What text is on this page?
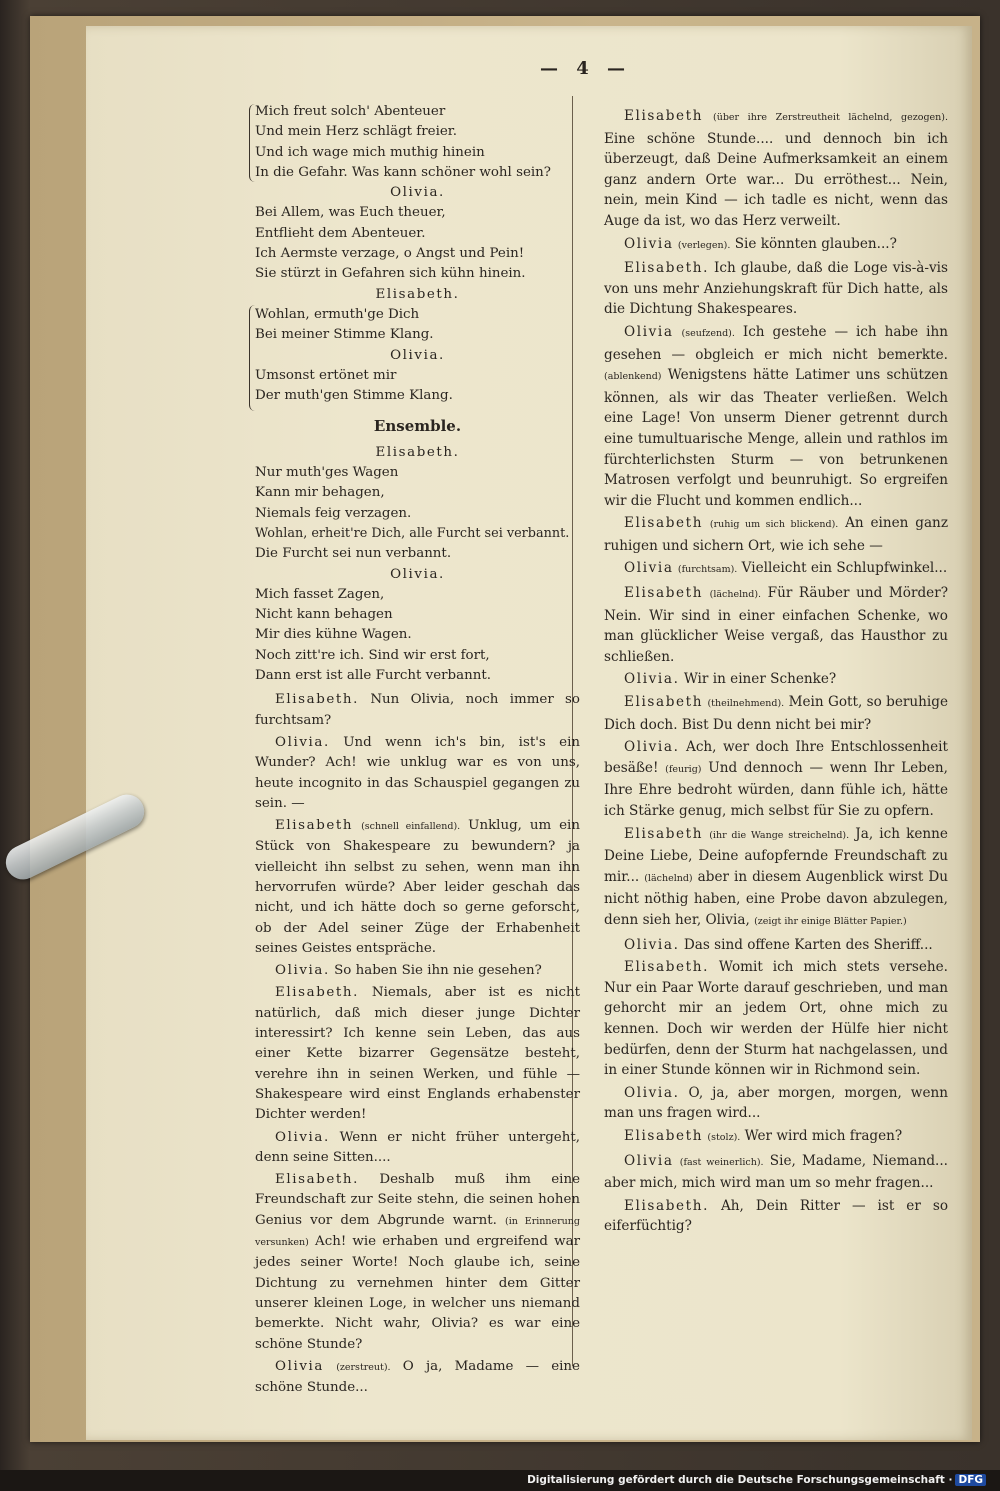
— 4 —
Mich freut solch' Abenteuer
Und mein Herz schlägt freier.
Und ich wage mich muthig hinein
In die Gefahr. Was kann schöner wohl sein?
Olivia.
Bei Allem, was Euch theuer,
Entflieht dem Abenteuer.
Ich Aermste verzage, o Angst und Pein!
Sie stürzt in Gefahren sich kühn hinein.
Elisabeth.
Wohlan, ermuth'ge Dich
Bei meiner Stimme Klang.
Olivia.
Umsonst ertönet mir
Der muth'gen Stimme Klang.
Ensemble.
Elisabeth.
Nur muth'ges Wagen
Kann mir behagen,
Niemals feig verzagen.
Wohlan, erheit're Dich, alle Furcht sei verbannt.
Die Furcht sei nun verbannt.
Olivia.
Mich fasset Zagen,
Nicht kann behagen
Mir dies kühne Wagen.
Noch zitt're ich. Sind wir erst fort,
Dann erst ist alle Furcht verbannt.

Elisabeth. Nun Olivia, noch immer so furchtsam?

Olivia. Und wenn ich's bin, ist's ein Wunder? Ach! wie unklug war es von uns, heute incognito in das Schauspiel gegangen zu sein. —

Elisabeth (schnell einfallend). Unklug, um ein Stück von Shakespeare zu bewundern? ja vielleicht ihn selbst zu sehen, wenn man ihn hervorrufen würde? Aber leider geschah das nicht, und ich hätte doch so gerne geforscht, ob der Adel seiner Züge der Erhabenheit seines Geistes entspräche.

Olivia. So haben Sie ihn nie gesehen?

Elisabeth. Niemals, aber ist es nicht natürlich, daß mich dieser junge Dichter interessirt? Ich kenne sein Leben, das aus einer Kette bizarrer Gegensätze besteht, verehre ihn in seinen Werken, und fühle — Shakespeare wird einst Englands erhabenster Dichter werden!

Olivia. Wenn er nicht früher untergeht, denn seine Sitten....

Elisabeth. Deshalb muß ihm eine Freundschaft zur Seite stehn, die seinen hohen Genius vor dem Abgrunde warnt. (in Erinnerung versunken) Ach! wie erhaben und ergreifend war jedes seiner Worte! Noch glaube ich, seine Dichtung zu vernehmen hinter dem Gitter unserer kleinen Loge, in welcher uns niemand bemerkte. Nicht wahr, Olivia? es war eine schöne Stunde?

Olivia (zerstreut). O ja, Madame — eine schöne Stunde...

Elisabeth (über ihre Zerstreutheit lächelnd, gezogen). Eine schöne Stunde.... und dennoch bin ich überzeugt, daß Deine Aufmerksamkeit an einem ganz andern Orte war... Du erröthest... Nein, nein, mein Kind — ich tadle es nicht, wenn das Auge da ist, wo das Herz verweilt.

Olivia (verlegen). Sie könnten glauben...?

Elisabeth. Ich glaube, daß die Loge vis-à-vis von uns mehr Anziehungskraft für Dich hatte, als die Dichtung Shakespeares.

Olivia (seufzend). Ich gestehe — ich habe ihn gesehen — obgleich er mich nicht bemerkte. (ablenkend) Wenigstens hätte Latimer uns schützen können, als wir das Theater verließen. Welch eine Lage! Von unserm Diener getrennt durch eine tumultuarische Menge, allein und rathlos im fürchterlichsten Sturm — von betrunkenen Matrosen verfolgt und beunruhigt. So ergreifen wir die Flucht und kommen endlich...

Elisabeth (ruhig um sich blickend). An einen ganz ruhigen und sichern Ort, wie ich sehe —

Olivia (furchtsam). Vielleicht ein Schlupfwinkel...

Elisabeth (lächelnd). Für Räuber und Mörder? Nein. Wir sind in einer einfachen Schenke, wo man glücklicher Weise vergaß, das Hausthor zu schließen.

Olivia. Wir in einer Schenke?

Elisabeth (theilnehmend). Mein Gott, so beruhige Dich doch. Bist Du denn nicht bei mir?

Olivia. Ach, wer doch Ihre Entschlossenheit besäße! (feurig) Und dennoch — wenn Ihr Leben, Ihre Ehre bedroht würden, dann fühle ich, hätte ich Stärke genug, mich selbst für Sie zu opfern.

Elisabeth (ihr die Wange streichelnd). Ja, ich kenne Deine Liebe, Deine aufopfernde Freundschaft zu mir... (lächelnd) aber in diesem Augenblick wirst Du nicht nöthig haben, eine Probe davon abzulegen, denn sieh her, Olivia, (zeigt ihr einige Blätter Papier.)

Olivia. Das sind offene Karten des Sheriff...

Elisabeth. Womit ich mich stets versehe. Nur ein Paar Worte darauf geschrieben, und man gehorcht mir an jedem Ort, ohne mich zu kennen. Doch wir werden der Hülfe hier nicht bedürfen, denn der Sturm hat nachgelassen, und in einer Stunde können wir in Richmond sein.

Olivia. O, ja, aber morgen, morgen, wenn man uns fragen wird...

Elisabeth (stolz). Wer wird mich fragen?

Olivia (fast weinerlich). Sie, Madame, Niemand... aber mich, mich wird man um so mehr fragen...

Elisabeth. Ah, Dein Ritter — ist er so eiferfüchtig?

Digitalisierung gefördert durch die Deutsche Forschungsgemeinschaft · DFG
